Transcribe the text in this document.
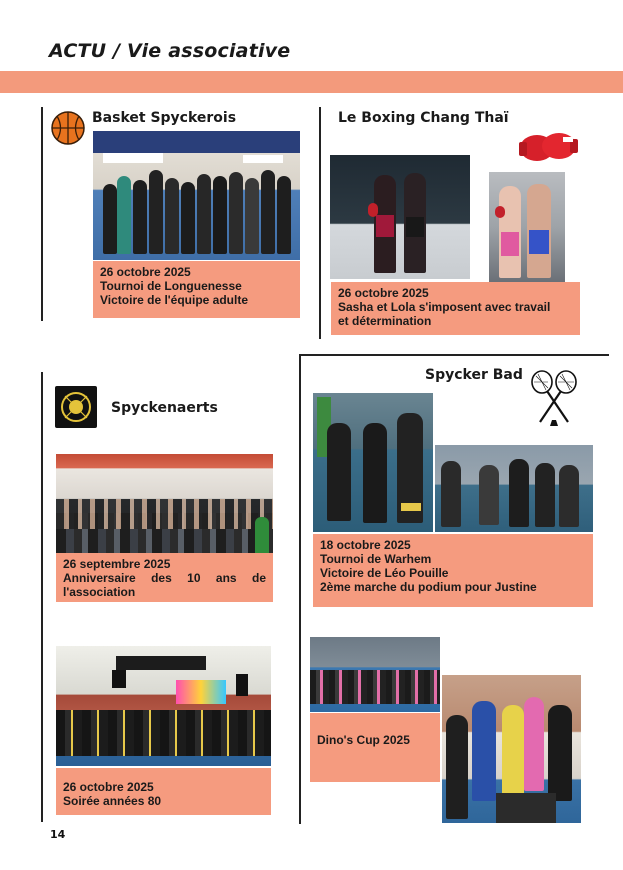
ACTU / Vie associative
Basket Spyckerois
26 octobre 2025
Tournoi de Longuenesse
Victoire de l'équipe adulte
Le Boxing Chang Thaï
26 octobre 2025
Sasha et Lola s'imposent avec travail
et détermination
Spyckenaerts
26 septembre 2025
Anniversaire des 10 ans de
l'association
26 octobre 2025
Soirée années 80
Spycker Bad
18 octobre 2025
Tournoi de Warhem
Victoire de Léo Pouille
2ème marche du podium pour Justine
Dino's Cup 2025
14
